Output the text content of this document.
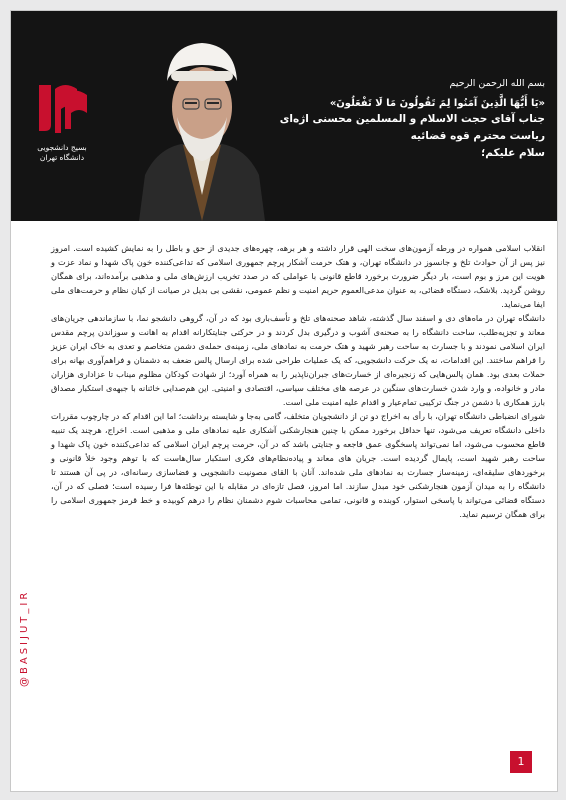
بسیج دانشجویی
دانشگاه تهران
بسم الله الرحمن الرحیم
«یَا أَیُّهَا الَّذِینَ آمَنُوا لِمَ تَقُولُونَ مَا لَا تَفْعَلُونَ»
جناب آقای حجت الاسلام و المسلمین محسنی اژه‌ای
ریاست محترم قوه قضائیه
سلام علیکم؛

انقلاب اسلامی همواره در ورطه آزمون‌های سخت الهی قرار داشته و هر برهه، چهره‌های جدیدی از حق و باطل را به نمایش کشیده است. امروز نیز پس از آن حوادث تلخ و جانسوز در دانشگاه تهران، و هتک حرمت آشکار پرچم جمهوری اسلامی که تداعی‌کننده خون پاک شهدا و نماد عزت و هویت این مرز و بوم است، بار دیگر ضرورت برخورد قاطع قانونی با عواملی که در صدد تخریب ارزش‌های ملی و مذهبی برآمده‌اند، برای همگان روشن گردید. بلاشک، دستگاه قضائی، به عنوان مدعی‌العموم حریم امنیت و نظم عمومی، نقشی بی بدیل در صیانت از کیان نظام و حرمت‌های ملی ایفا می‌نماید.

دانشگاه تهران در ماه‌های دی و اسفند سال گذشته، شاهد صحنه‌های تلخ و تأسف‌باری بود که در آن، گروهی دانشجو نما، با سازماندهی جریان‌های معاند و تجزیه‌طلب، ساحت دانشگاه را به صحنه‌ی آشوب و درگیری بدل کردند و در حرکتی جنایتکارانه اقدام به اهانت و سوزاندن پرچم مقدس ایران اسلامی نمودند و با جسارت به ساحت رهبر شهید و هتک حرمت به نمادهای ملی، زمینه‌ی حمله‌ی دشمن متخاصم و تعدی به خاک ایران عزیز را فراهم ساختند. این اقدامات، نه یک حرکت دانشجویی، که یک عملیات طراحی شده برای ارسال پالس ضعف به دشمنان و فراهم‌آوری بهانه برای حملات بعدی بود. همان پالس‌هایی که زنجیره‌ای از خسارت‌های جبران‌ناپذیر را به همراه آورد؛ از شهادت کودکان مظلوم میناب تا عزاداری هزاران مادر و خانواده، و وارد شدن خسارت‌های سنگین در عرصه های مختلف سیاسی، اقتصادی و امنیتی. این هم‌صدایی خائنانه با جبهه‌ی استکبار مصداق بارز همکاری با دشمن در جنگ ترکیبی تمام‌عیار و اقدام علیه امنیت ملی است.

شورای انضباطی دانشگاه تهران، با رأی به اخراج دو تن از دانشجویان متخلف، گامی به‌جا و شایسته برداشت؛ اما این اقدام که در چارچوب مقررات داخلی دانشگاه تعریف می‌شود، تنها حداقل برخورد ممکن با چنین هنجارشکنی آشکاری علیه نمادهای ملی و مذهبی است. اخراج، هرچند یک تنبیه قاطع محسوب می‌شود، اما نمی‌تواند پاسخگوی عمق فاجعه و جنایتی باشد که در آن، حرمت پرچم ایران اسلامی که تداعی‌کننده خون پاک شهدا و ساحت رهبر شهید است، پایمال گردیده است. جریان های معاند و پیاده‌نظام‌های فکری استکبار سال‌هاست که با توهم وجود خلأ قانونی و برخوردهای سلیقه‌ای، زمینه‌ساز جسارت به نمادهای ملی شده‌اند. آنان با القای مصونیت دانشجویی و فضاسازی رسانه‌ای، در پی آن هستند تا دانشگاه را به میدان آزمون هنجارشکنی خود مبدل سازند. اما امروز، فصل تازه‌ای در مقابله با این توطئه‌ها فرا رسیده است؛ فصلی که در آن، دستگاه قضائی می‌تواند با پاسخی استوار، کوبنده و قانونی، تمامی محاسبات شوم دشمنان نظام را درهم کوبیده و خط قرمز جمهوری اسلامی را برای همگان ترسیم نماید.

@BASIJUT_IR
1
